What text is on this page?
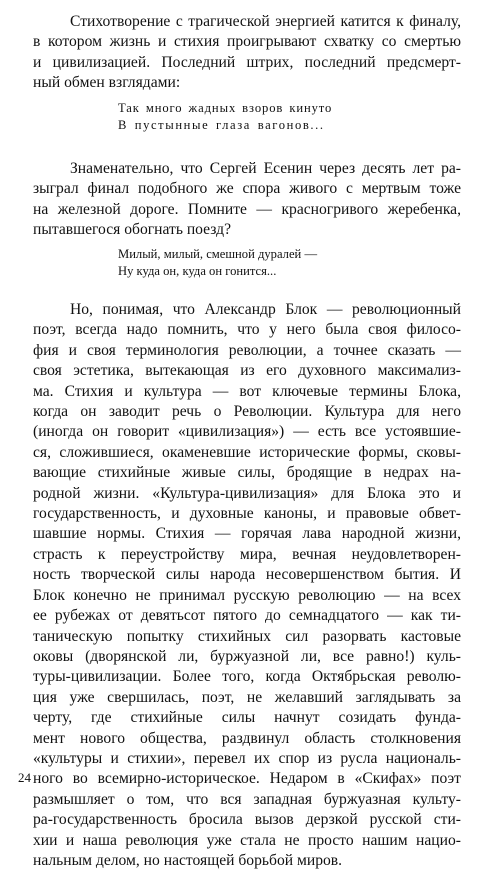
Стихотворение с трагической энергией катится к финалу,
в котором жизнь и стихия проигрывают схватку со смертью
и цивилизацией. Последний штрих, последний предсмерт-
ный обмен взглядами:
Так много жадных взоров кинуто
В пустынные глаза вагонов...
Знаменательно, что Сергей Есенин через десять лет ра-
зыграл финал подобного же спора живого с мертвым тоже
на железной дороге. Помните — красногривого жеребенка,
пытавшегося обогнать поезд?
Милый, милый, смешной дуралей —
Ну куда он, куда он гонится...
Но, понимая, что Александр Блок — революционный
поэт, всегда надо помнить, что у него была своя филосо-
фия и своя терминология революции, а точнее сказать —
своя эстетика, вытекающая из его духовного максимализ-
ма. Стихия и культура — вот ключевые термины Блока,
когда он заводит речь о Революции. Культура для него
(иногда он говорит «цивилизация») — есть все устоявшие-
ся, сложившиеся, окаменевшие исторические формы, сковы-
вающие стихийные живые силы, бродящие в недрах на-
родной жизни. «Культура-цивилизация» для Блока это и
государственность, и духовные каноны, и правовые обвет-
шавшие нормы. Стихия — горячая лава народной жизни,
страсть к переустройству мира, вечная неудовлетворен-
ность творческой силы народа несовершенством бытия. И
Блок конечно не принимал русскую революцию — на всех
ее рубежах от девятьсот пятого до семнадцатого — как ти-
таническую попытку стихийных сил разорвать кастовые
оковы (дворянской ли, буржуазной ли, все равно!) куль-
туры-цивилизации. Более того, когда Октябрьская револю-
ция уже свершилась, поэт, не желавший заглядывать за
черту, где стихийные силы начнут созидать фунда-
мент нового общества, раздвинул область столкновения
«культуры и стихии», перевел их спор из русла националь-
ного во всемирно-историческое. Недаром в «Скифах» поэт
размышляет о том, что вся западная буржуазная культу-
ра-государственность бросила вызов дерзкой русской сти-
хии и наша революция уже стала не просто нашим нацио-
нальным делом, но настоящей борьбой миров.

24
